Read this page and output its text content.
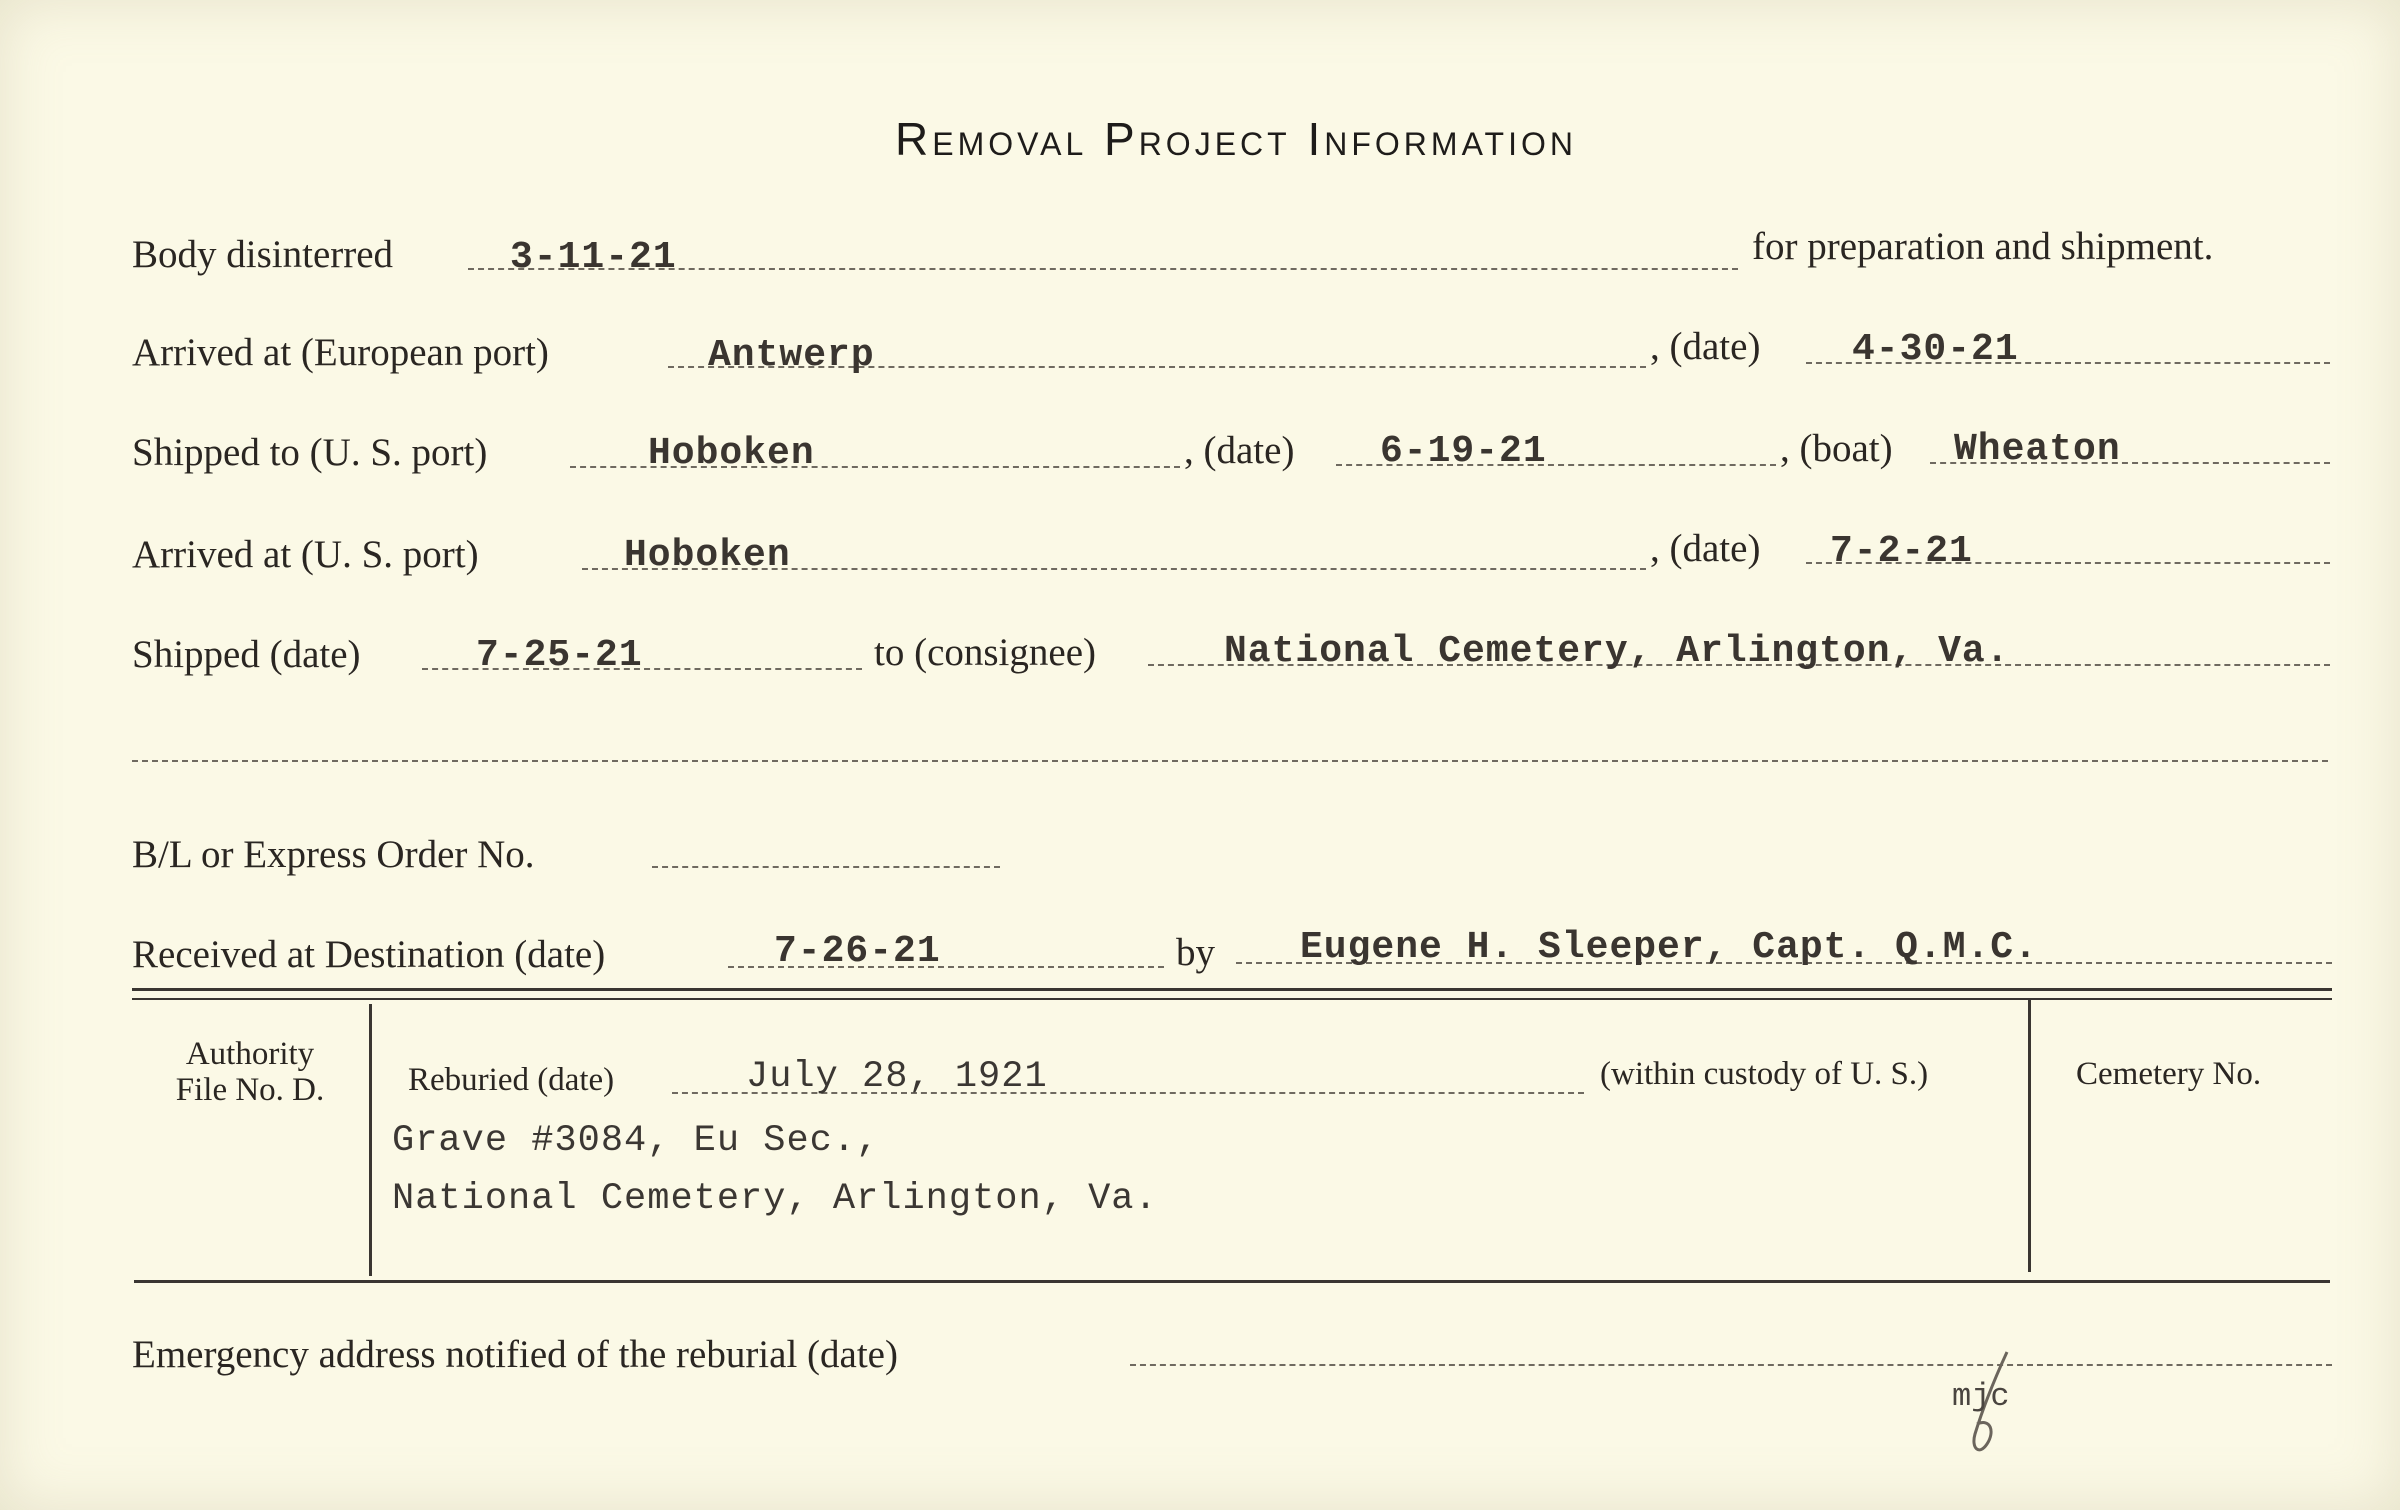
Removal Project Information
Body disinterred	3-11-21	for preparation and shipment.
Arrived at (European port)	Antwerp	, (date) 4-30-21
Shipped to (U. S. port)	Hoboken	, (date) 6-19-21	, (boat) Wheaton
Arrived at (U. S. port)	Hoboken	, (date) 7-2-21
Shipped (date)	7-25-21	to (consignee)	National Cemetery, Arlington, Va.
B/L or Express Order No.
Received at Destination (date)	7-26-21	by Eugene H. Sleeper, Capt. Q.M.C.
Authority
File No. D.	Reburied (date)	July 28, 1921	(within custody of U. S.)
Grave #3084, Eu Sec.,
National Cemetery, Arlington, Va.
Cemetery No.
Emergency address notified of the reburial (date)
mjc
